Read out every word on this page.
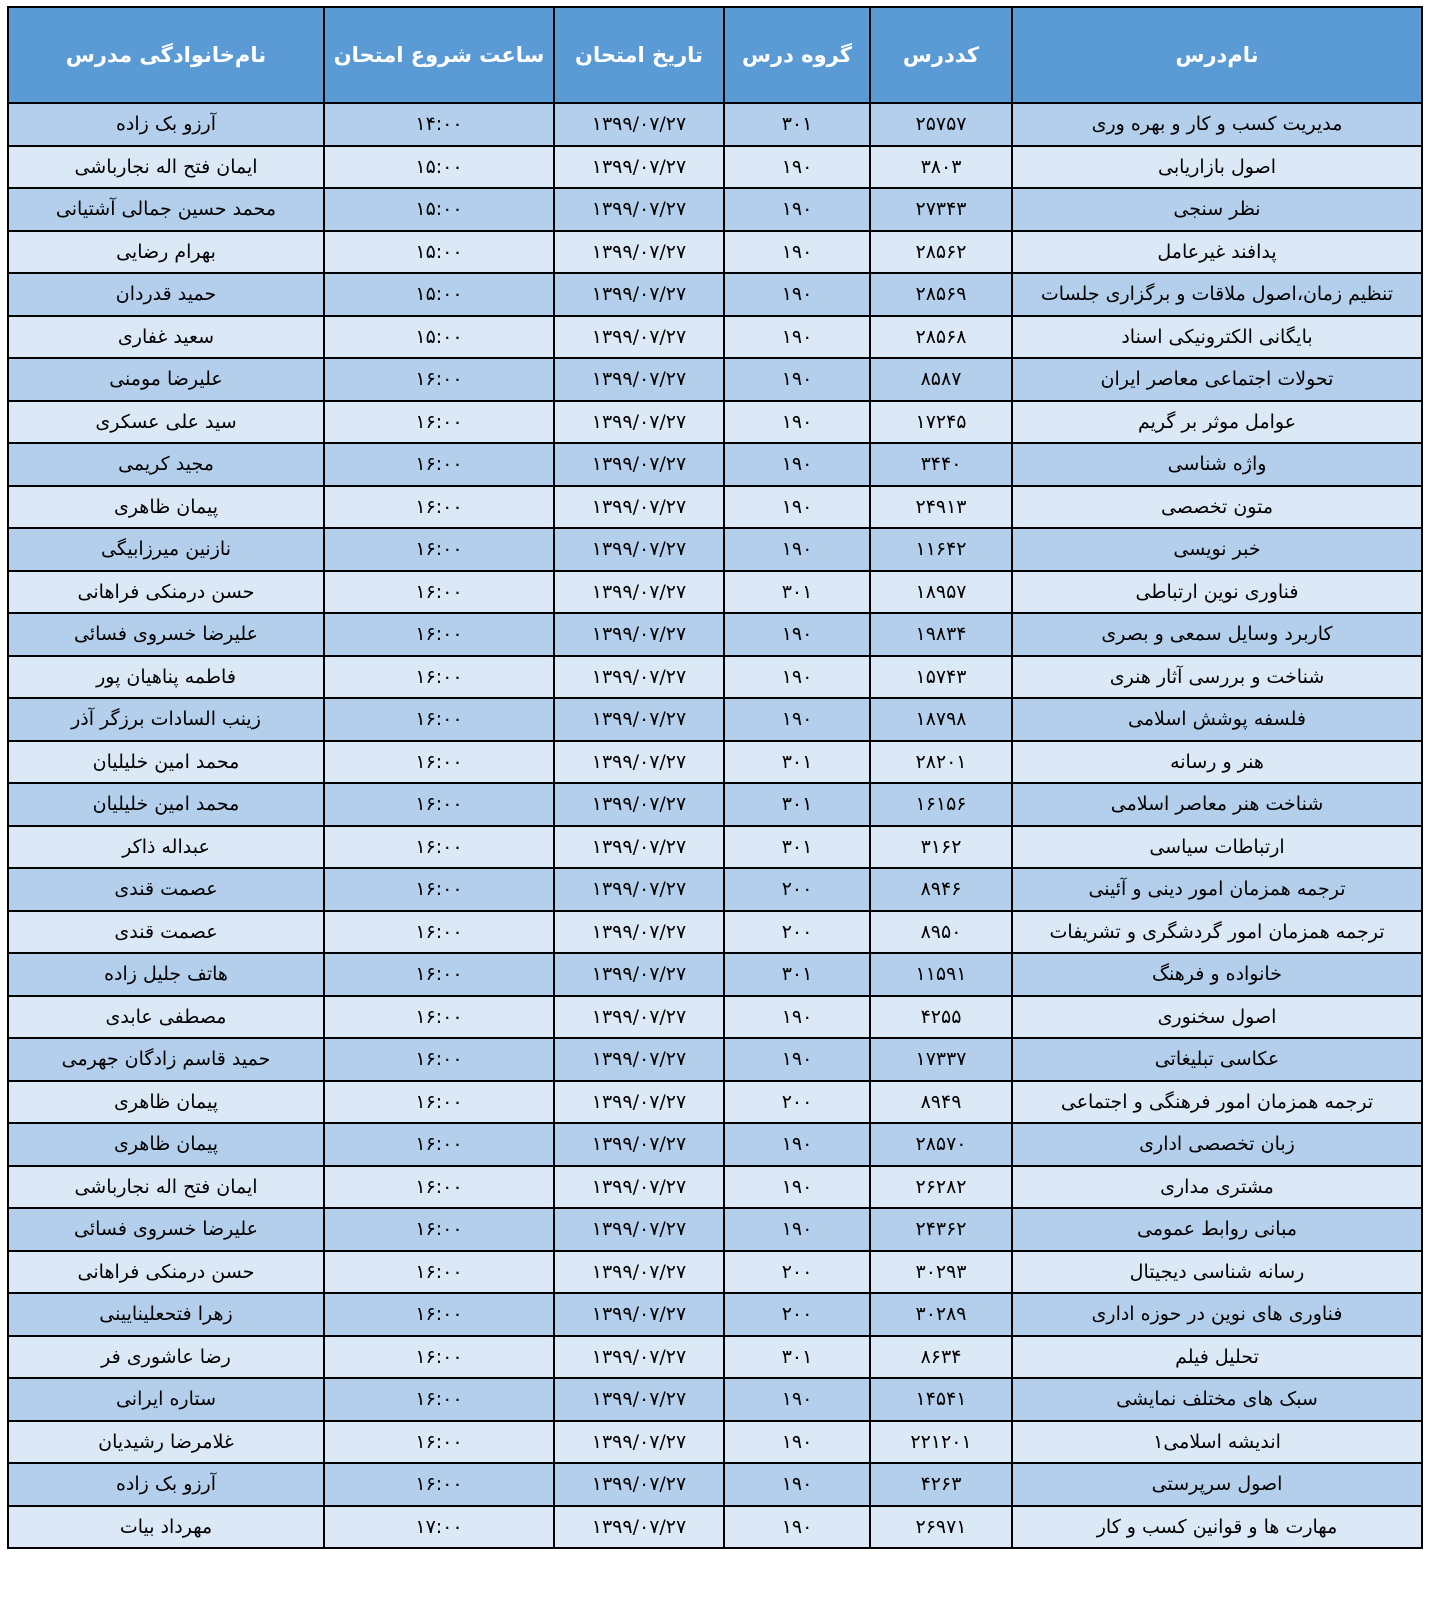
نام‌درس	کددرس	گروه درس	تاریخ امتحان	ساعت شروع امتحان	نام‌خانوادگی مدرس
مدیریت کسب و کار و بهره وری	۲۵۷۵۷	۳۰۱	۱۳۹۹/۰۷/۲۷	۱۴:۰۰	آرزو بک زاده
اصول بازاریابی	۳۸۰۳	۱۹۰	۱۳۹۹/۰۷/۲۷	۱۵:۰۰	ایمان فتح اله نجارباشی
نظر سنجی	۲۷۳۴۳	۱۹۰	۱۳۹۹/۰۷/۲۷	۱۵:۰۰	محمد حسین جمالی آشتیانی
پدافند غیرعامل	۲۸۵۶۲	۱۹۰	۱۳۹۹/۰۷/۲۷	۱۵:۰۰	بهرام رضایی
تنظیم زمان،اصول ملاقات و برگزاری جلسات	۲۸۵۶۹	۱۹۰	۱۳۹۹/۰۷/۲۷	۱۵:۰۰	حمید قدردان
بایگانی الکترونیکی اسناد	۲۸۵۶۸	۱۹۰	۱۳۹۹/۰۷/۲۷	۱۵:۰۰	سعید غفاری
تحولات اجتماعی معاصر ایران	۸۵۸۷	۱۹۰	۱۳۹۹/۰۷/۲۷	۱۶:۰۰	علیرضا مومنی
عوامل موثر بر گریم	۱۷۲۴۵	۱۹۰	۱۳۹۹/۰۷/۲۷	۱۶:۰۰	سید علی عسکری
واژه شناسی	۳۴۴۰	۱۹۰	۱۳۹۹/۰۷/۲۷	۱۶:۰۰	مجید کریمی
متون تخصصی	۲۴۹۱۳	۱۹۰	۱۳۹۹/۰۷/۲۷	۱۶:۰۰	پیمان ظاهری
خبر نویسی	۱۱۶۴۲	۱۹۰	۱۳۹۹/۰۷/۲۷	۱۶:۰۰	نازنین میرزابیگی
فناوری نوین ارتباطی	۱۸۹۵۷	۳۰۱	۱۳۹۹/۰۷/۲۷	۱۶:۰۰	حسن درمنکی فراهانی
کاربرد وسایل سمعی و بصری	۱۹۸۳۴	۱۹۰	۱۳۹۹/۰۷/۲۷	۱۶:۰۰	علیرضا خسروی فسائی
شناخت و بررسی آثار هنری	۱۵۷۴۳	۱۹۰	۱۳۹۹/۰۷/۲۷	۱۶:۰۰	فاطمه پناهیان پور
فلسفه پوشش اسلامی	۱۸۷۹۸	۱۹۰	۱۳۹۹/۰۷/۲۷	۱۶:۰۰	زینب السادات برزگر آذر
هنر و رسانه	۲۸۲۰۱	۳۰۱	۱۳۹۹/۰۷/۲۷	۱۶:۰۰	محمد امین خلیلیان
شناخت هنر معاصر اسلامی	۱۶۱۵۶	۳۰۱	۱۳۹۹/۰۷/۲۷	۱۶:۰۰	محمد امین خلیلیان
ارتباطات سیاسی	۳۱۶۲	۳۰۱	۱۳۹۹/۰۷/۲۷	۱۶:۰۰	عبداله ذاکر
ترجمه همزمان امور دینی و آئینی	۸۹۴۶	۲۰۰	۱۳۹۹/۰۷/۲۷	۱۶:۰۰	عصمت قندی
ترجمه همزمان امور گردشگری و تشریفات	۸۹۵۰	۲۰۰	۱۳۹۹/۰۷/۲۷	۱۶:۰۰	عصمت قندی
خانواده و فرهنگ	۱۱۵۹۱	۳۰۱	۱۳۹۹/۰۷/۲۷	۱۶:۰۰	هاتف جلیل زاده
اصول سخنوری	۴۲۵۵	۱۹۰	۱۳۹۹/۰۷/۲۷	۱۶:۰۰	مصطفی عابدی
عکاسی تبلیغاتی	۱۷۳۳۷	۱۹۰	۱۳۹۹/۰۷/۲۷	۱۶:۰۰	حمید قاسم زادگان جهرمی
ترجمه همزمان امور فرهنگی و اجتماعی	۸۹۴۹	۲۰۰	۱۳۹۹/۰۷/۲۷	۱۶:۰۰	پیمان ظاهری
زبان تخصصی اداری	۲۸۵۷۰	۱۹۰	۱۳۹۹/۰۷/۲۷	۱۶:۰۰	پیمان ظاهری
مشتری مداری	۲۶۲۸۲	۱۹۰	۱۳۹۹/۰۷/۲۷	۱۶:۰۰	ایمان فتح اله نجارباشی
مبانی روابط عمومی	۲۴۳۶۲	۱۹۰	۱۳۹۹/۰۷/۲۷	۱۶:۰۰	علیرضا خسروی فسائی
رسانه شناسی دیجیتال	۳۰۲۹۳	۲۰۰	۱۳۹۹/۰۷/۲۷	۱۶:۰۰	حسن درمنکی فراهانی
فناوری های نوین در حوزه اداری	۳۰۲۸۹	۲۰۰	۱۳۹۹/۰۷/۲۷	۱۶:۰۰	زهرا فتحعلینایینی
تحلیل فیلم	۸۶۳۴	۳۰۱	۱۳۹۹/۰۷/۲۷	۱۶:۰۰	رضا عاشوری فر
سبک های مختلف نمایشی	۱۴۵۴۱	۱۹۰	۱۳۹۹/۰۷/۲۷	۱۶:۰۰	ستاره ایرانی
اندیشه اسلامی۱	۲۲۱۲۰۱	۱۹۰	۱۳۹۹/۰۷/۲۷	۱۶:۰۰	غلامرضا رشیدیان
اصول سرپرستی	۴۲۶۳	۱۹۰	۱۳۹۹/۰۷/۲۷	۱۶:۰۰	آرزو بک زاده
مهارت ها و قوانین کسب و کار	۲۶۹۷۱	۱۹۰	۱۳۹۹/۰۷/۲۷	۱۷:۰۰	مهرداد بیات
